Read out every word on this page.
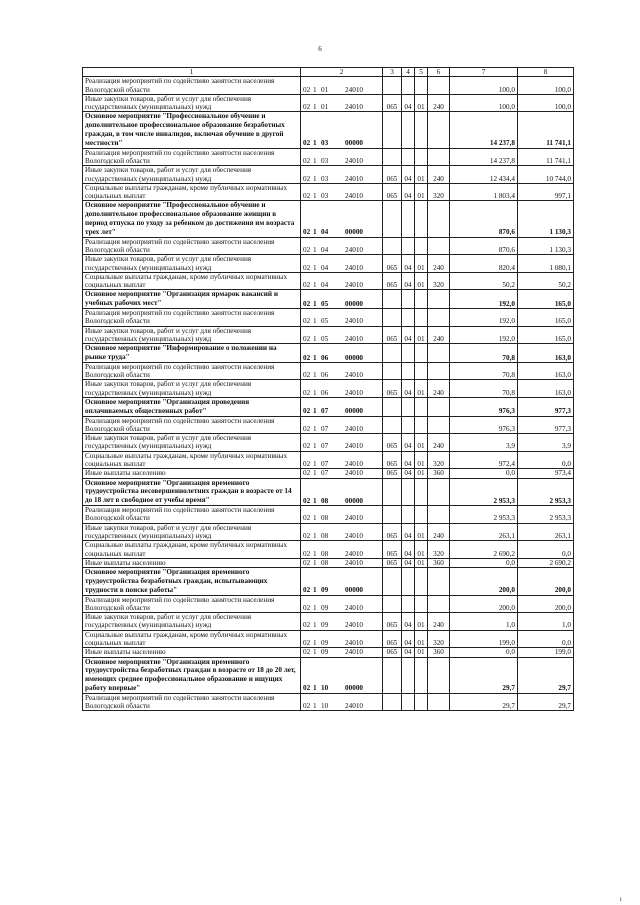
6
1	2	3	4	5	6	7	8
Реализация мероприятий по содействию занятости населения Вологодской области	02 1 01 24010					100,0	100,0
Иные закупки товаров, работ и услуг для обеспечения государственных (муниципальных) нужд	02 1 01 24010	065	04	01	240	100,0	100,0
Основное мероприятие "Профессиональное обучение и дополнительное профессиональное образование безработных граждан, в том числе инвалидов, включая обучение в другой местности"	02 1 03 00000					14 237,8	11 741,1
Реализация мероприятий по содействию занятости населения Вологодской области	02 1 03 24010					14 237,8	11 741,1
Иные закупки товаров, работ и услуг для обеспечения государственных (муниципальных) нужд	02 1 03 24010	065	04	01	240	12 434,4	10 744,0
Социальные выплаты гражданам, кроме публичных нормативных социальных выплат	02 1 03 24010	065	04	01	320	1 803,4	997,1
Основное мероприятие "Профессиональное обучение и дополнительное профессиональное образование женщин в период отпуска по уходу за ребенком до достижения им возраста трех лет"	02 1 04 00000					870,6	1 130,3
Реализация мероприятий по содействию занятости населения Вологодской области	02 1 04 24010					870,6	1 130,3
Иные закупки товаров, работ и услуг для обеспечения государственных (муниципальных) нужд	02 1 04 24010	065	04	01	240	820,4	1 080,1
Социальные выплаты гражданам, кроме публичных нормативных социальных выплат	02 1 04 24010	065	04	01	320	50,2	50,2
Основное мероприятие "Организация ярмарок вакансий и учебных рабочих мест"	02 1 05 00000					192,0	165,0
Реализация мероприятий по содействию занятости населения Вологодской области	02 1 05 24010					192,0	165,0
Иные закупки товаров, работ и услуг для обеспечения государственных (муниципальных) нужд	02 1 05 24010	065	04	01	240	192,0	165,0
Основное мероприятие "Информирование о положении на рынке труда"	02 1 06 00000					70,8	163,0
Реализация мероприятий по содействию занятости населения Вологодской области	02 1 06 24010					70,8	163,0
Иные закупки товаров, работ и услуг для обеспечения государственных (муниципальных) нужд	02 1 06 24010	065	04	01	240	70,8	163,0
Основное мероприятие "Организация проведения оплачиваемых общественных работ"	02 1 07 00000					976,3	977,3
Реализация мероприятий по содействию занятости населения Вологодской области	02 1 07 24010					976,3	977,3
Иные закупки товаров, работ и услуг для обеспечения государственных (муниципальных) нужд	02 1 07 24010	065	04	01	240	3,9	3,9
Социальные выплаты гражданам, кроме публичных нормативных социальных выплат	02 1 07 24010	065	04	01	320	972,4	0,0
Иные выплаты населению	02 1 07 24010	065	04	01	360	0,0	973,4
Основное мероприятие "Организация временного трудоустройства несовершеннолетних граждан в возрасте от 14 до 18 лет в свободное от учебы время"	02 1 08 00000					2 953,3	2 953,3
Реализация мероприятий по содействию занятости населения Вологодской области	02 1 08 24010					2 953,3	2 953,3
Иные закупки товаров, работ и услуг для обеспечения государственных (муниципальных) нужд	02 1 08 24010	065	04	01	240	263,1	263,1
Социальные выплаты гражданам, кроме публичных нормативных социальных выплат	02 1 08 24010	065	04	01	320	2 690,2	0,0
Иные выплаты населению	02 1 08 24010	065	04	01	360	0,0	2 690,2
Основное мероприятие "Организация временного трудоустройства безработных граждан, испытывающих трудности в поиске работы"	02 1 09 00000					200,0	200,0
Реализация мероприятий по содействию занятости населения Вологодской области	02 1 09 24010					200,0	200,0
Иные закупки товаров, работ и услуг для обеспечения государственных (муниципальных) нужд	02 1 09 24010	065	04	01	240	1,0	1,0
Социальные выплаты гражданам, кроме публичных нормативных социальных выплат	02 1 09 24010	065	04	01	320	199,0	0,0
Иные выплаты населению	02 1 09 24010	065	04	01	360	0,0	199,0
Основное мероприятие "Организация временного трудоустройства безработных граждан в возрасте от 18 до 20 лет, имеющих среднее профессиональное образование и ищущих работу впервые"	02 1 10 00000					29,7	29,7
Реализация мероприятий по содействию занятости населения Вологодской области	02 1 10 24010					29,7	29,7
i
